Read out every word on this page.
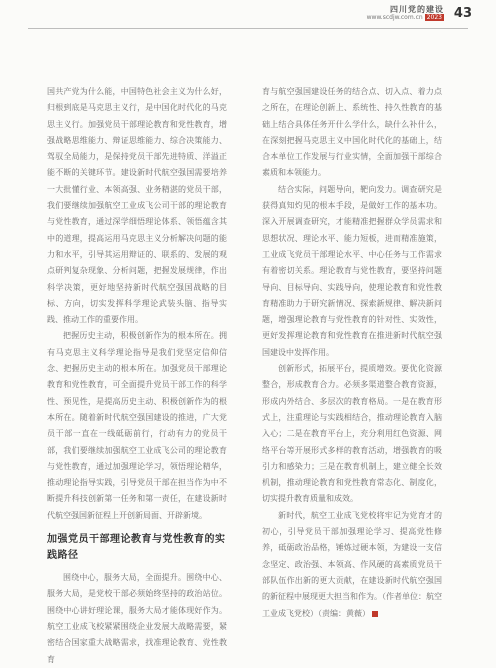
四川党的建设
www.scdjw.com.cn 2023 43

国共产党为什么能，中国特色社会主义为什么好，归根到底是马克思主义行，是中国化时代化的马克思主义行。加强党员干部理论教育和党性教育，增强战略思维能力、辩证思维能力、综合决策能力、驾驭全局能力，是保持党员干部先进特质、洋溢正能不断的关键环节。建设新时代航空强国需要培养一大批懂行业、本领高强、业务精湛的党员干部，我们要继续加强航空工业成飞公司干部的理论教育与党性教育，通过深学细悟理论体系、领悟蕴含其中的道理，提高运用马克思主义分析解决问题的能力和水平，引导其运用辩证的、联系的、发展的观点研判复杂现象、分析问题，把握发展规律，作出科学决策，更好地坚持新时代航空强国战略的目标、方向，切实发挥科学理论武装头脑、指导实践、推动工作的重要作用。

把握历史主动，积极创新作为的根本所在。拥有马克思主义科学理论指导是我们党坚定信仰信念、把握历史主动的根本所在。加强党员干部理论教育和党性教育，可全面提升党员干部工作的科学性、预见性，是提高历史主动、积极创新作为的根本所在。随着新时代航空强国建设的推进，广大党员干部一直在一线砥砺前行，行动有力的党员干部，我们要继续加强航空工业成飞公司的理论教育与党性教育，通过加强理论学习，领悟理论精华，推动理论指导实践，引导党员干部在担当作为中不断提升科技创新第一任务和第一责任，在建设新时代航空强国新征程上开创新局面、开辟新境。

加强党员干部理论教育与党性教育的实践路径

围绕中心，服务大局，全面提升。围绕中心、服务大局，是党校干部必须始终坚持的政治站位。围绕中心讲好理论课，服务大局才能体现好作为。航空工业成飞校紧紧围绕企业发展大战略需要，紧密结合国家重大战略需求，找准理论教育、党性教育

育与航空强国建设任务的结合点、切入点、着力点之所在，在理论创新上、系统性、持久性教育的基础上结合具体任务开什么学什么，缺什么补什么，在深刻把握马克思主义中国化时代化的基础上，结合本单位工作发展与行业实情，全面加强干部综合素质和本领能力。

结合实际，问题导向，靶向发力。调查研究是获得真知灼见的根本手段，是做好工作的基本功。深入开展调查研究，才能精准把握群众学员需求和思想状况、理论水平、能力短板，进而精准施策，工业成飞党员干部理论水平、中心任务与工作需求有着密切关系。理论教育与党性教育，要坚持问题导向、目标导向、实践导向，使理论教育和党性教育精准助力于研究新情况、探索新规律、解决新问题，增强理论教育与党性教育的针对性、实效性，更好发挥理论教育和党性教育在推进新时代航空强国建设中发挥作用。

创新形式，拓展平台，提质增效。要优化资源整合，形成教育合力。必须多渠道整合教育资源，形成内外结合、多层次的教育格局。一是在教育形式上，注重理论与实践相结合，推动理论教育入脑入心；二是在教育平台上，充分利用红色资源、网络平台等开展形式多样的教育活动，增强教育的吸引力和感染力；三是在教育机制上，建立健全长效机制，推动理论教育和党性教育常态化、制度化，切实提升教育质量和成效。

新时代，航空工业成飞党校将牢记为党育才的初心，引导党员干部加强理论学习、提高党性修养，砥砺政治品格，锤炼过硬本领，为建设一支信念坚定、政治强、本领高、作风硬的高素质党员干部队伍作出新的更大贡献，在建设新时代航空强国的新征程中展现更大担当和作为。（作者单位：航空工业成飞党校）（责编：黄薇）
